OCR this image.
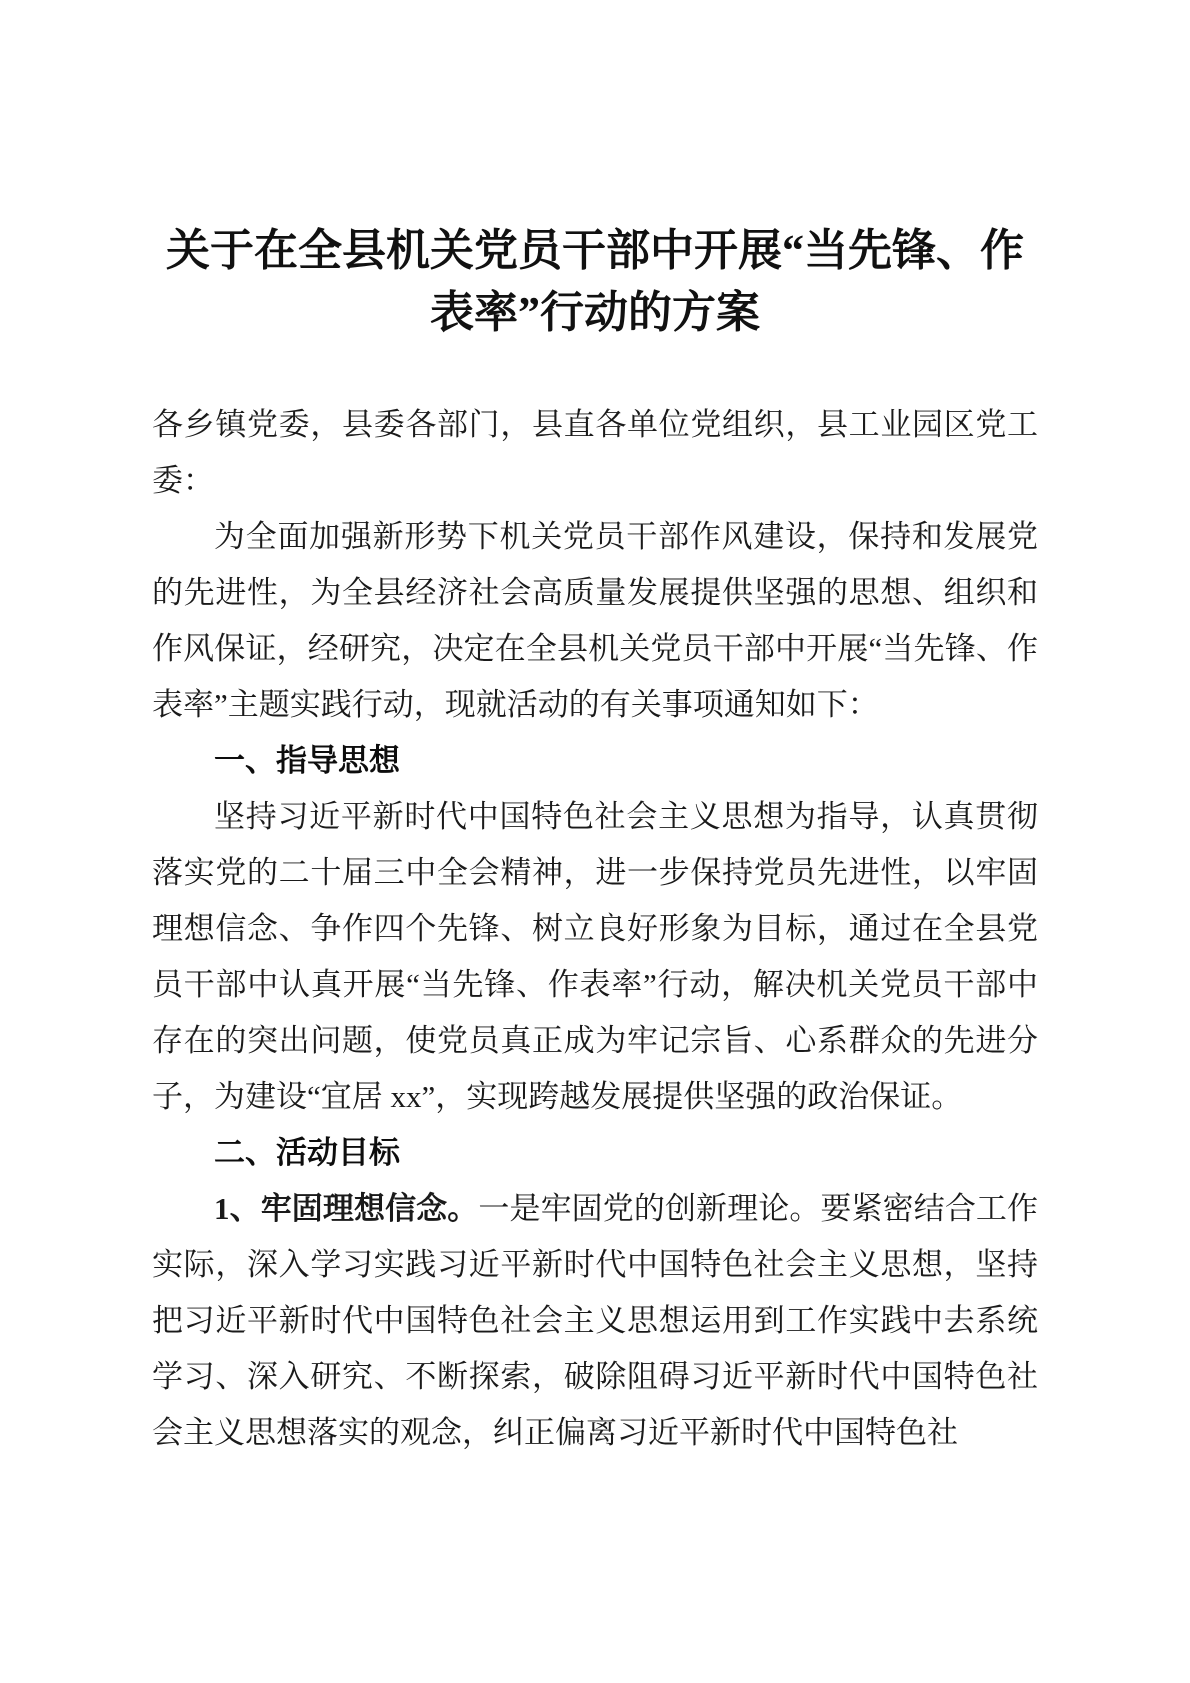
关于在全县机关党员干部中开展“当先锋、作表率”行动的方案

各乡镇党委，县委各部门，县直各单位党组织，县工业园区党工委：

为全面加强新形势下机关党员干部作风建设，保持和发展党的先进性，为全县经济社会高质量发展提供坚强的思想、组织和作风保证，经研究，决定在全县机关党员干部中开展“当先锋、作表率”主题实践行动，现就活动的有关事项通知如下：

一、指导思想

坚持习近平新时代中国特色社会主义思想为指导，认真贯彻落实党的二十届三中全会精神，进一步保持党员先进性，以牢固理想信念、争作四个先锋、树立良好形象为目标，通过在全县党员干部中认真开展“当先锋、作表率”行动，解决机关党员干部中存在的突出问题，使党员真正成为牢记宗旨、心系群众的先进分子，为建设“宜居 xx”，实现跨越发展提供坚强的政治保证。

二、活动目标

1、牢固理想信念。一是牢固党的创新理论。要紧密结合工作实际，深入学习实践习近平新时代中国特色社会主义思想，坚持把习近平新时代中国特色社会主义思想运用到工作实践中去系统学习、深入研究、不断探索，破除阻碍习近平新时代中国特色社会主义思想落实的观念，纠正偏离习近平新时代中国特色社
